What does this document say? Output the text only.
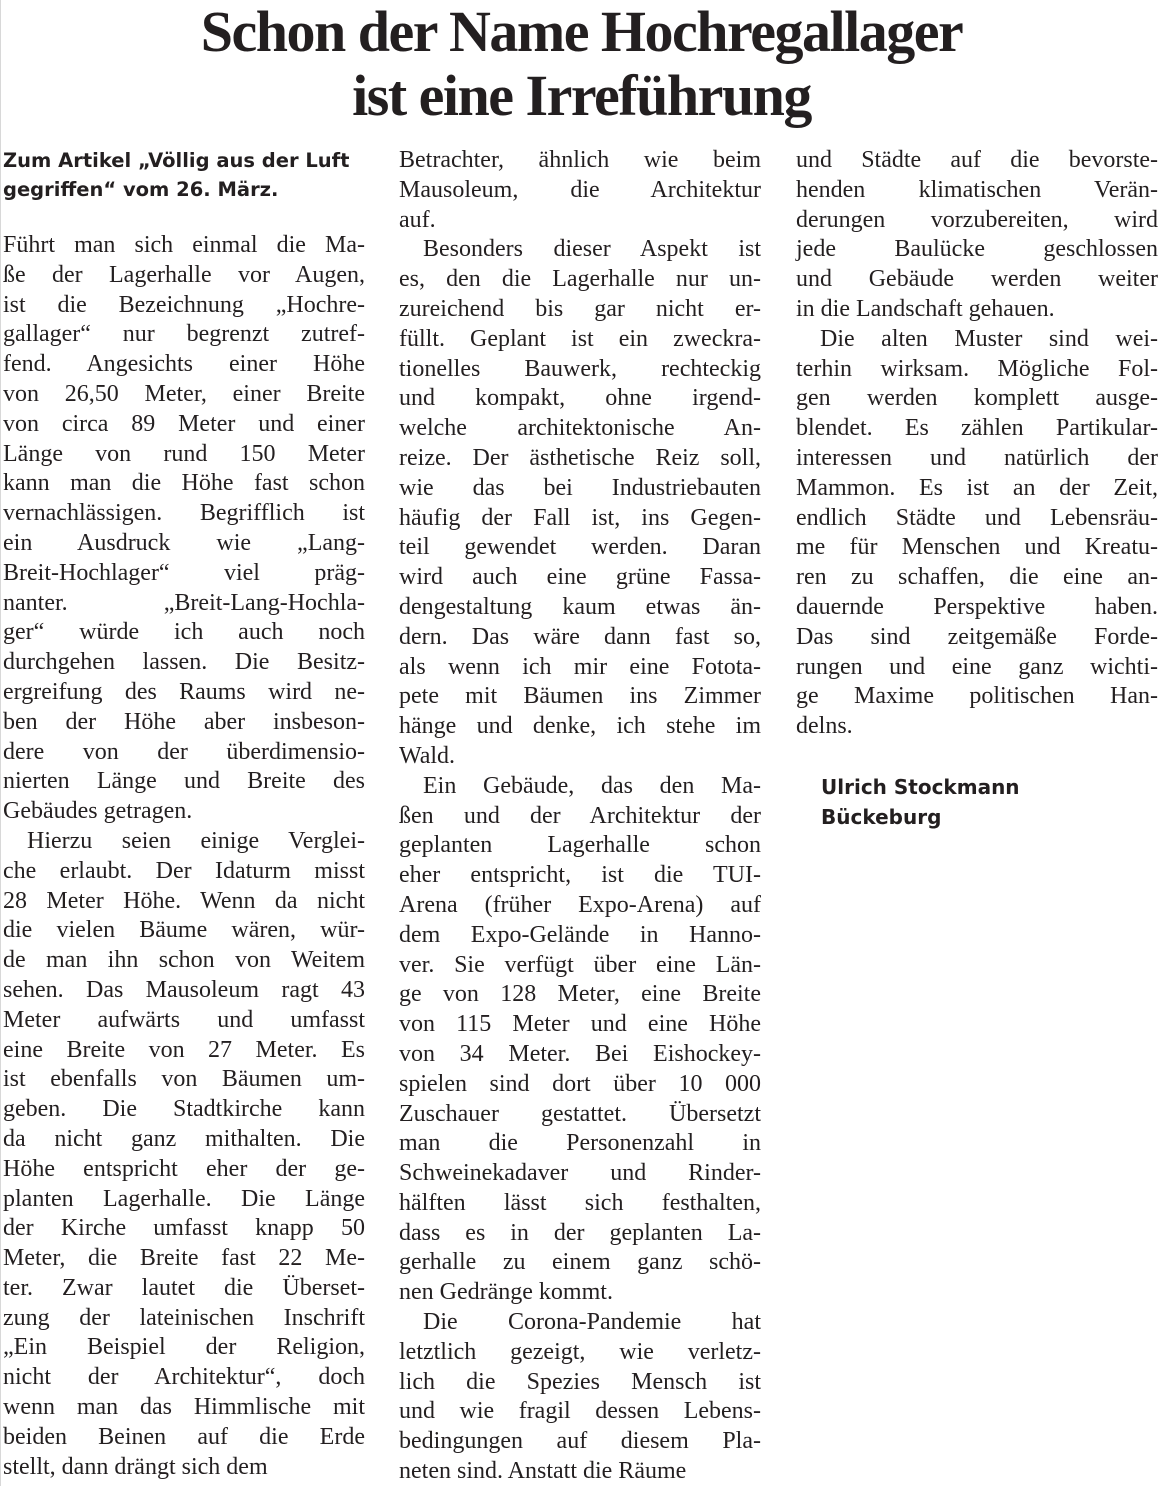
Schon der Name Hochregallager
ist eine Irreführung
Zum Artikel „Völlig aus der Luft
gegriffen“ vom 26. März.
Führt man sich einmal die Ma-
ße der Lagerhalle vor Augen,
ist die Bezeichnung „Hochre-
gallager“ nur begrenzt zutref-
fend. Angesichts einer Höhe
von 26,50 Meter, einer Breite
von circa 89 Meter und einer
Länge von rund 150 Meter
kann man die Höhe fast schon
vernachlässigen. Begrifflich ist
ein Ausdruck wie „Lang-
Breit-Hochlager“ viel präg-
nanter. „Breit-Lang-Hochla-
ger“ würde ich auch noch
durchgehen lassen. Die Besitz-
ergreifung des Raums wird ne-
ben der Höhe aber insbeson-
dere von der überdimensio-
nierten Länge und Breite des
Gebäudes getragen.
Hierzu seien einige Verglei-
che erlaubt. Der Idaturm misst
28 Meter Höhe. Wenn da nicht
die vielen Bäume wären, wür-
de man ihn schon von Weitem
sehen. Das Mausoleum ragt 43
Meter aufwärts und umfasst
eine Breite von 27 Meter. Es
ist ebenfalls von Bäumen um-
geben. Die Stadtkirche kann
da nicht ganz mithalten. Die
Höhe entspricht eher der ge-
planten Lagerhalle. Die Länge
der Kirche umfasst knapp 50
Meter, die Breite fast 22 Me-
ter. Zwar lautet die Überset-
zung der lateinischen Inschrift
„Ein Beispiel der Religion,
nicht der Architektur“, doch
wenn man das Himmlische mit
beiden Beinen auf die Erde
stellt, dann drängt sich dem
Betrachter, ähnlich wie beim
Mausoleum, die Architektur
auf.
Besonders dieser Aspekt ist
es, den die Lagerhalle nur un-
zureichend bis gar nicht er-
füllt. Geplant ist ein zweckra-
tionelles Bauwerk, rechteckig
und kompakt, ohne irgend-
welche architektonische An-
reize. Der ästhetische Reiz soll,
wie das bei Industriebauten
häufig der Fall ist, ins Gegen-
teil gewendet werden. Daran
wird auch eine grüne Fassa-
dengestaltung kaum etwas än-
dern. Das wäre dann fast so,
als wenn ich mir eine Fotota-
pete mit Bäumen ins Zimmer
hänge und denke, ich stehe im
Wald.
Ein Gebäude, das den Ma-
ßen und der Architektur der
geplanten Lagerhalle schon
eher entspricht, ist die TUI-
Arena (früher Expo-Arena) auf
dem Expo-Gelände in Hanno-
ver. Sie verfügt über eine Län-
ge von 128 Meter, eine Breite
von 115 Meter und eine Höhe
von 34 Meter. Bei Eishockey-
spielen sind dort über 10 000
Zuschauer gestattet. Übersetzt
man die Personenzahl in
Schweinekadaver und Rinder-
hälften lässt sich festhalten,
dass es in der geplanten La-
gerhalle zu einem ganz schö-
nen Gedränge kommt.
Die Corona-Pandemie hat
letztlich gezeigt, wie verletz-
lich die Spezies Mensch ist
und wie fragil dessen Lebens-
bedingungen auf diesem Pla-
neten sind. Anstatt die Räume
und Städte auf die bevorste-
henden klimatischen Verän-
derungen vorzubereiten, wird
jede Baulücke geschlossen
und Gebäude werden weiter
in die Landschaft gehauen.
Die alten Muster sind wei-
terhin wirksam. Mögliche Fol-
gen werden komplett ausge-
blendet. Es zählen Partikular-
interessen und natürlich der
Mammon. Es ist an der Zeit,
endlich Städte und Lebensräu-
me für Menschen und Kreatu-
ren zu schaffen, die eine an-
dauernde Perspektive haben.
Das sind zeitgemäße Forde-
rungen und eine ganz wichti-
ge Maxime politischen Han-
delns.
Ulrich Stockmann
Bückeburg
